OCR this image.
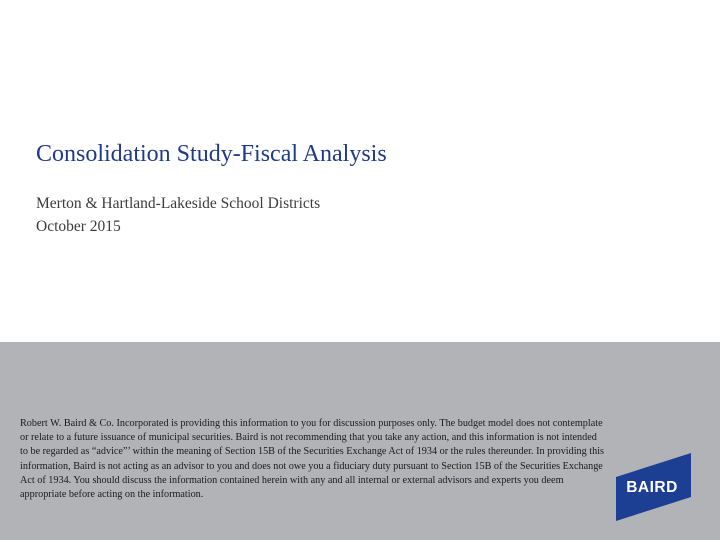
Consolidation Study-Fiscal Analysis
Merton & Hartland-Lakeside School Districts
October 2015
Robert W. Baird & Co. Incorporated is providing this information to you for discussion purposes only. The budget model does not contemplate or relate to a future issuance of municipal securities. Baird is not recommending that you take any action, and this information is not intended to be regarded as “advice”’ within the meaning of Section 15B of the Securities Exchange Act of 1934 or the rules thereunder. In providing this information, Baird is not acting as an advisor to you and does not owe you a fiduciary duty pursuant to Section 15B of the Securities Exchange Act of 1934. You should discuss the information contained herein with any and all internal or external advisors and experts you deem appropriate before acting on the information.	BAIRD
